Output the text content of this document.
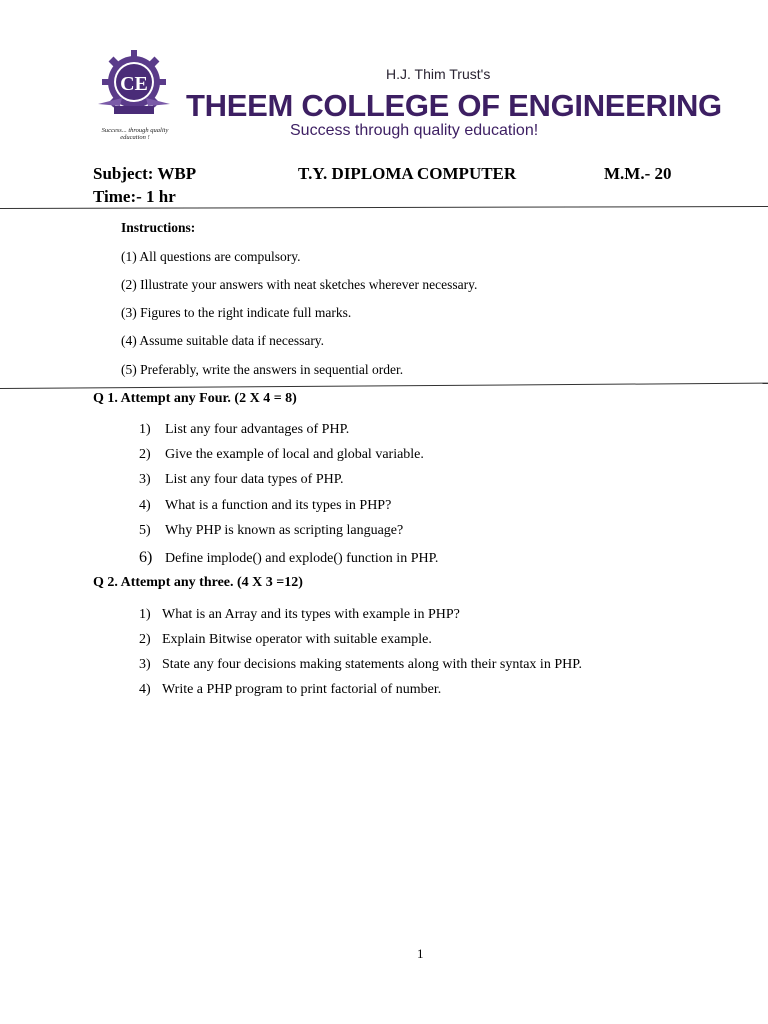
CE
Success... through quality education !
H.J. Thim Trust's
THEEM COLLEGE OF ENGINEERING
Success through quality education!
Subject: WBP	T.Y. DIPLOMA COMPUTER	M.M.- 20
Time:- 1 hr
Instructions:
(1) All questions are compulsory.
(2) Illustrate your answers with neat sketches wherever necessary.
(3) Figures to the right indicate full marks.
(4) Assume suitable data if necessary.
(5) Preferably, write the answers in sequential order.
Q 1. Attempt any Four. (2 X 4 = 8)
1) List any four advantages of PHP.
2) Give the example of local and global variable.
3) List any four data types of PHP.
4) What is a function and its types in PHP?
5) Why PHP is known as scripting language?
6) Define implode() and explode() function in PHP.
Q 2. Attempt any three. (4 X 3 =12)
1) What is an Array and its types with example in PHP?
2) Explain Bitwise operator with suitable example.
3) State any four decisions making statements along with their syntax in PHP.
4) Write a PHP program to print factorial of number.
1
